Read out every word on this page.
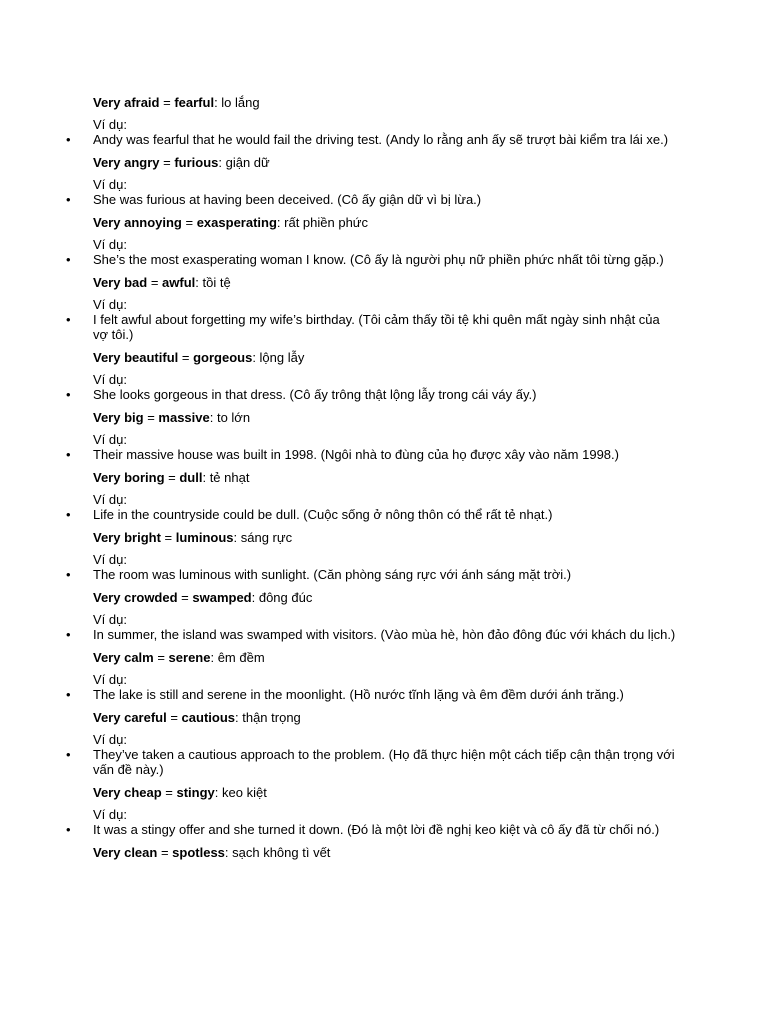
Very afraid = fearful: lo lắng
Ví dụ:
•	Andy was fearful that he would fail the driving test. (Andy lo rằng anh ấy sẽ trượt bài kiểm tra lái xe.)
Very angry = furious: giận dữ
Ví dụ:
•	She was furious at having been deceived. (Cô ấy giận dữ vì bị lừa.)
Very annoying = exasperating: rất phiền phức
Ví dụ:
•	She’s the most exasperating woman I know. (Cô ấy là người phụ nữ phiền phức nhất tôi từng gặp.)
Very bad = awful: tồi tệ
Ví dụ:
•	I felt awful about forgetting my wife’s birthday. (Tôi cảm thấy tồi tệ khi quên mất ngày sinh nhật của vợ tôi.)
Very beautiful = gorgeous: lộng lẫy
Ví dụ:
•	She looks gorgeous in that dress. (Cô ấy trông thật lộng lẫy trong cái váy ấy.)
Very big = massive: to lớn
Ví dụ:
•	Their massive house was built in 1998. (Ngôi nhà to đùng của họ được xây vào năm 1998.)
Very boring = dull: tẻ nhạt
Ví dụ:
•	Life in the countryside could be dull. (Cuộc sống ở nông thôn có thể rất tẻ nhạt.)
Very bright = luminous: sáng rực
Ví dụ:
•	The room was luminous with sunlight. (Căn phòng sáng rực với ánh sáng mặt trời.)
Very crowded = swamped: đông đúc
Ví dụ:
•	In summer, the island was swamped with visitors. (Vào mùa hè, hòn đảo đông đúc với khách du lịch.)
Very calm = serene: êm đềm
Ví dụ:
•	The lake is still and serene in the moonlight. (Hồ nước tĩnh lặng và êm đềm dưới ánh trăng.)
Very careful = cautious: thận trọng
Ví dụ:
•	They’ve taken a cautious approach to the problem. (Họ đã thực hiện một cách tiếp cận thận trọng với vấn đề này.)
Very cheap = stingy: keo kiệt
Ví dụ:
•	It was a stingy offer and she turned it down. (Đó là một lời đề nghị keo kiệt và cô ấy đã từ chối nó.)
Very clean = spotless: sạch không tì vết
